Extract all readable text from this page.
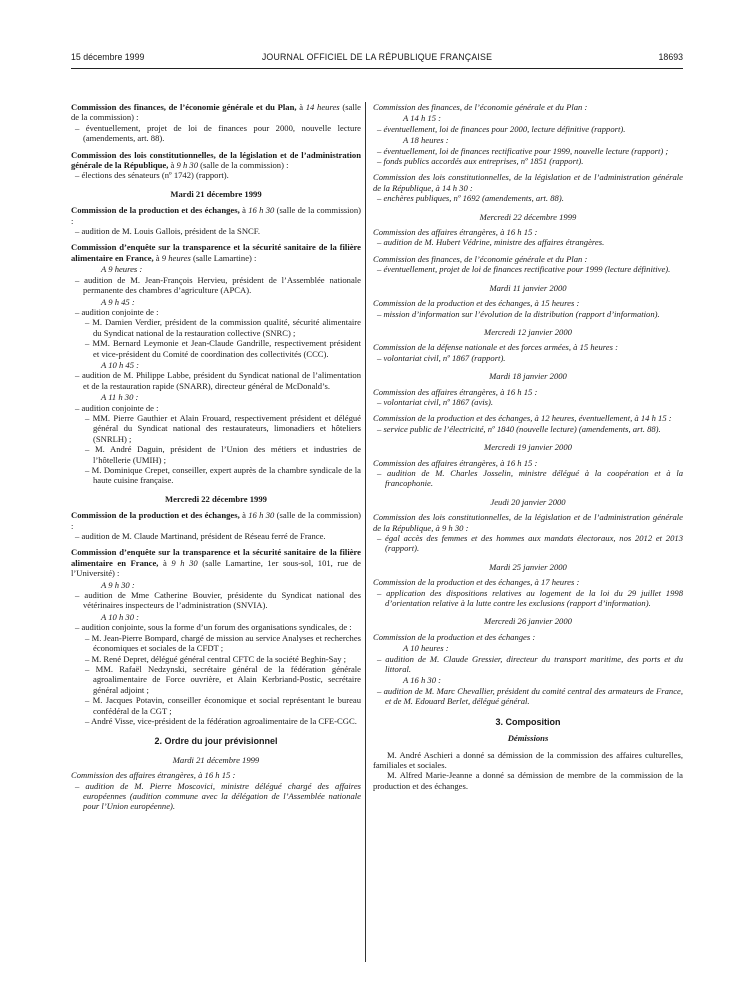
15 décembre 1999	JOURNAL OFFICIEL DE LA RÉPUBLIQUE FRANÇAISE	18693

Commission des finances, de l’économie générale et du Plan, à 14 heures (salle de la commission) :

– éventuellement, projet de loi de finances pour 2000, nouvelle lecture (amendements, art. 88).

Commission des lois constitutionnelles, de la législation et de l’administration générale de la République, à 9 h 30 (salle de la commission) :

– élections des sénateurs (nº 1742) (rapport).

Mardi 21 décembre 1999

Commission de la production et des échanges, à 16 h 30 (salle de la commission) :

– audition de M. Louis Gallois, président de la SNCF.

Commission d’enquête sur la transparence et la sécurité sanitaire de la filière alimentaire en France, à 9 heures (salle Lamartine) :

A 9 heures :

– audition de M. Jean-François Hervieu, président de l’Assemblée nationale permanente des chambres d’agriculture (APCA).

A 9 h 45 :

– audition conjointe de :

– M. Damien Verdier, président de la commission qualité, sécurité alimentaire du Syndicat national de la restauration collective (SNRC) ;

– MM. Bernard Leymonie et Jean-Claude Gandrille, respectivement président et vice-président du Comité de coordination des collectivités (CCC).

A 10 h 45 :

– audition de M. Philippe Labbe, président du Syndicat national de l’alimentation et de la restauration rapide (SNARR), directeur général de McDonald’s.

A 11 h 30 :

– audition conjointe de :

– MM. Pierre Gauthier et Alain Frouard, respectivement président et délégué général du Syndicat national des restaurateurs, limonadiers et hôteliers (SNRLH) ;

– M. André Daguin, président de l’Union des métiers et industries de l’hôtellerie (UMIH) ;

– M. Dominique Crepet, conseiller, expert auprès de la chambre syndicale de la haute cuisine française.

Mercredi 22 décembre 1999

Commission de la production et des échanges, à 16 h 30 (salle de la commission) :

– audition de M. Claude Martinand, président de Réseau ferré de France.

Commission d’enquête sur la transparence et la sécurité sanitaire de la filière alimentaire en France, à 9 h 30 (salle Lamartine, 1er sous-sol, 101, rue de l’Université) :

A 9 h 30 :

– audition de Mme Catherine Bouvier, présidente du Syndicat national des vétérinaires inspecteurs de l’administration (SNVIA).

A 10 h 30 :

– audition conjointe, sous la forme d’un forum des organisations syndicales, de :

– M. Jean-Pierre Bompard, chargé de mission au service Analyses et recherches économiques et sociales de la CFDT ;

– M. René Depret, délégué général central CFTC de la société Beghin-Say ;

– MM. Rafaël Nedzynski, secrétaire général de la fédération générale agroalimentaire de Force ouvrière, et Alain Kerbriand-Postic, secrétaire général adjoint ;

– M. Jacques Potavin, conseiller économique et social représentant le bureau confédéral de la CGT ;

– André Visse, vice-président de la fédération agroalimentaire de la CFE-CGC.

2. Ordre du jour prévisionnel

Mardi 21 décembre 1999

Commission des affaires étrangères, à 16 h 15 :

– audition de M. Pierre Moscovici, ministre délégué chargé des affaires européennes (audition commune avec la délégation de l’Assemblée nationale pour l’Union européenne).

Commission des finances, de l’économie générale et du Plan :

A 14 h 15 :

– éventuellement, loi de finances pour 2000, lecture définitive (rapport).

A 18 heures :

– éventuellement, loi de finances rectificative pour 1999, nouvelle lecture (rapport) ;

– fonds publics accordés aux entreprises, nº 1851 (rapport).

Commission des lois constitutionnelles, de la législation et de l’administration générale de la République, à 14 h 30 :

– enchères publiques, nº 1692 (amendements, art. 88).

Mercredi 22 décembre 1999

Commission des affaires étrangères, à 16 h 15 :

– audition de M. Hubert Védrine, ministre des affaires étrangères.

Commission des finances, de l’économie générale et du Plan :

– éventuellement, projet de loi de finances rectificative pour 1999 (lecture définitive).

Mardi 11 janvier 2000

Commission de la production et des échanges, à 15 heures :

– mission d’information sur l’évolution de la distribution (rapport d’information).

Mercredi 12 janvier 2000

Commission de la défense nationale et des forces armées, à 15 heures :

– volontariat civil, nº 1867 (rapport).

Mardi 18 janvier 2000

Commission des affaires étrangères, à 16 h 15 :

– volontariat civil, nº 1867 (avis).

Commission de la production et des échanges, à 12 heures, éventuellement, à 14 h 15 :

– service public de l’électricité, nº 1840 (nouvelle lecture) (amendements, art. 88).

Mercredi 19 janvier 2000

Commission des affaires étrangères, à 16 h 15 :

– audition de M. Charles Josselin, ministre délégué à la coopération et à la francophonie.

Jeudi 20 janvier 2000

Commission des lois constitutionnelles, de la législation et de l’administration générale de la République, à 9 h 30 :

– égal accès des femmes et des hommes aux mandats électoraux, nos 2012 et 2013 (rapport).

Mardi 25 janvier 2000

Commission de la production et des échanges, à 17 heures :

– application des dispositions relatives au logement de la loi du 29 juillet 1998 d’orientation relative à la lutte contre les exclusions (rapport d’information).

Mercredi 26 janvier 2000

Commission de la production et des échanges :

A 10 heures :

– audition de M. Claude Gressier, directeur du transport maritime, des ports et du littoral.

A 16 h 30 :

– audition de M. Marc Chevallier, président du comité central des armateurs de France, et de M. Edouard Berlet, délégué général.

3. Composition

Démissions

M. André Aschieri a donné sa démission de la commission des affaires culturelles, familiales et sociales.

M. Alfred Marie-Jeanne a donné sa démission de membre de la commission de la production et des échanges.
